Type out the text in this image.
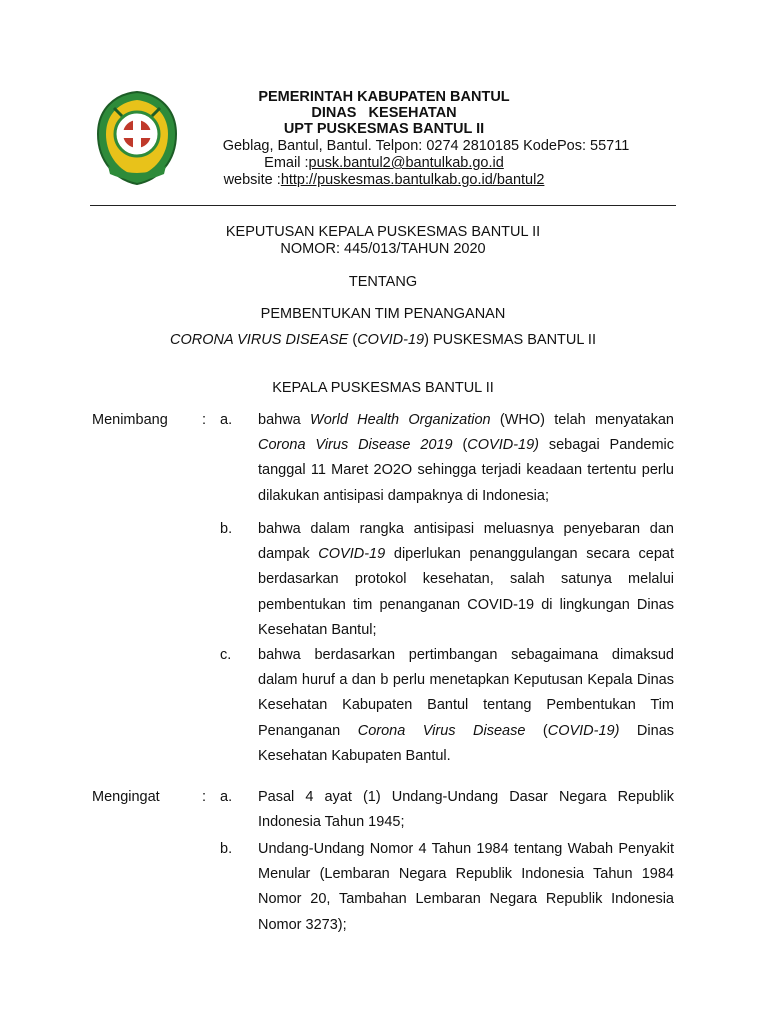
PEMERINTAH KABUPATEN BANTUL
DINAS   KESEHATAN
UPT PUSKESMAS BANTUL II
Geblag, Bantul, Bantul. Telpon: 0274 2810185 KodePos: 55711
Email :pusk.bantul2@bantulkab.go.id
website :http://puskesmas.bantulkab.go.id/bantul2
KEPUTUSAN KEPALA PUSKESMAS BANTUL II
NOMOR: 445/013/TAHUN 2020
TENTANG
PEMBENTUKAN TIM PENANGANAN
CORONA VIRUS DISEASE (COVID-19) PUSKESMAS BANTUL II
KEPALA PUSKESMAS BANTUL II
Menimbang : a. bahwa World Health Organization (WHO) telah menyatakan Corona Virus Disease 2019 (COVID-19) sebagai Pandemic tanggal 11 Maret 2O2O sehingga terjadi keadaan tertentu perlu dilakukan antisipasi dampaknya di Indonesia;
b. bahwa dalam rangka antisipasi meluasnya penyebaran dan dampak COVID-19 diperlukan penanggulangan secara cepat berdasarkan protokol kesehatan, salah satunya melalui pembentukan tim penanganan COVID-19 di lingkungan Dinas Kesehatan Bantul;
c. bahwa berdasarkan pertimbangan sebagaimana dimaksud dalam huruf a dan b perlu menetapkan Keputusan Kepala Dinas Kesehatan Kabupaten Bantul tentang Pembentukan Tim Penanganan Corona Virus Disease (COVID-19) Dinas Kesehatan Kabupaten Bantul.
Mengingat	: a. Pasal 4 ayat (1) Undang-Undang Dasar Negara Republik Indonesia Tahun 1945;
b. Undang-Undang Nomor 4 Tahun 1984 tentang Wabah Penyakit Menular (Lembaran Negara Republik Indonesia Tahun 1984 Nomor 20, Tambahan Lembaran Negara Republik Indonesia Nomor 3273);
